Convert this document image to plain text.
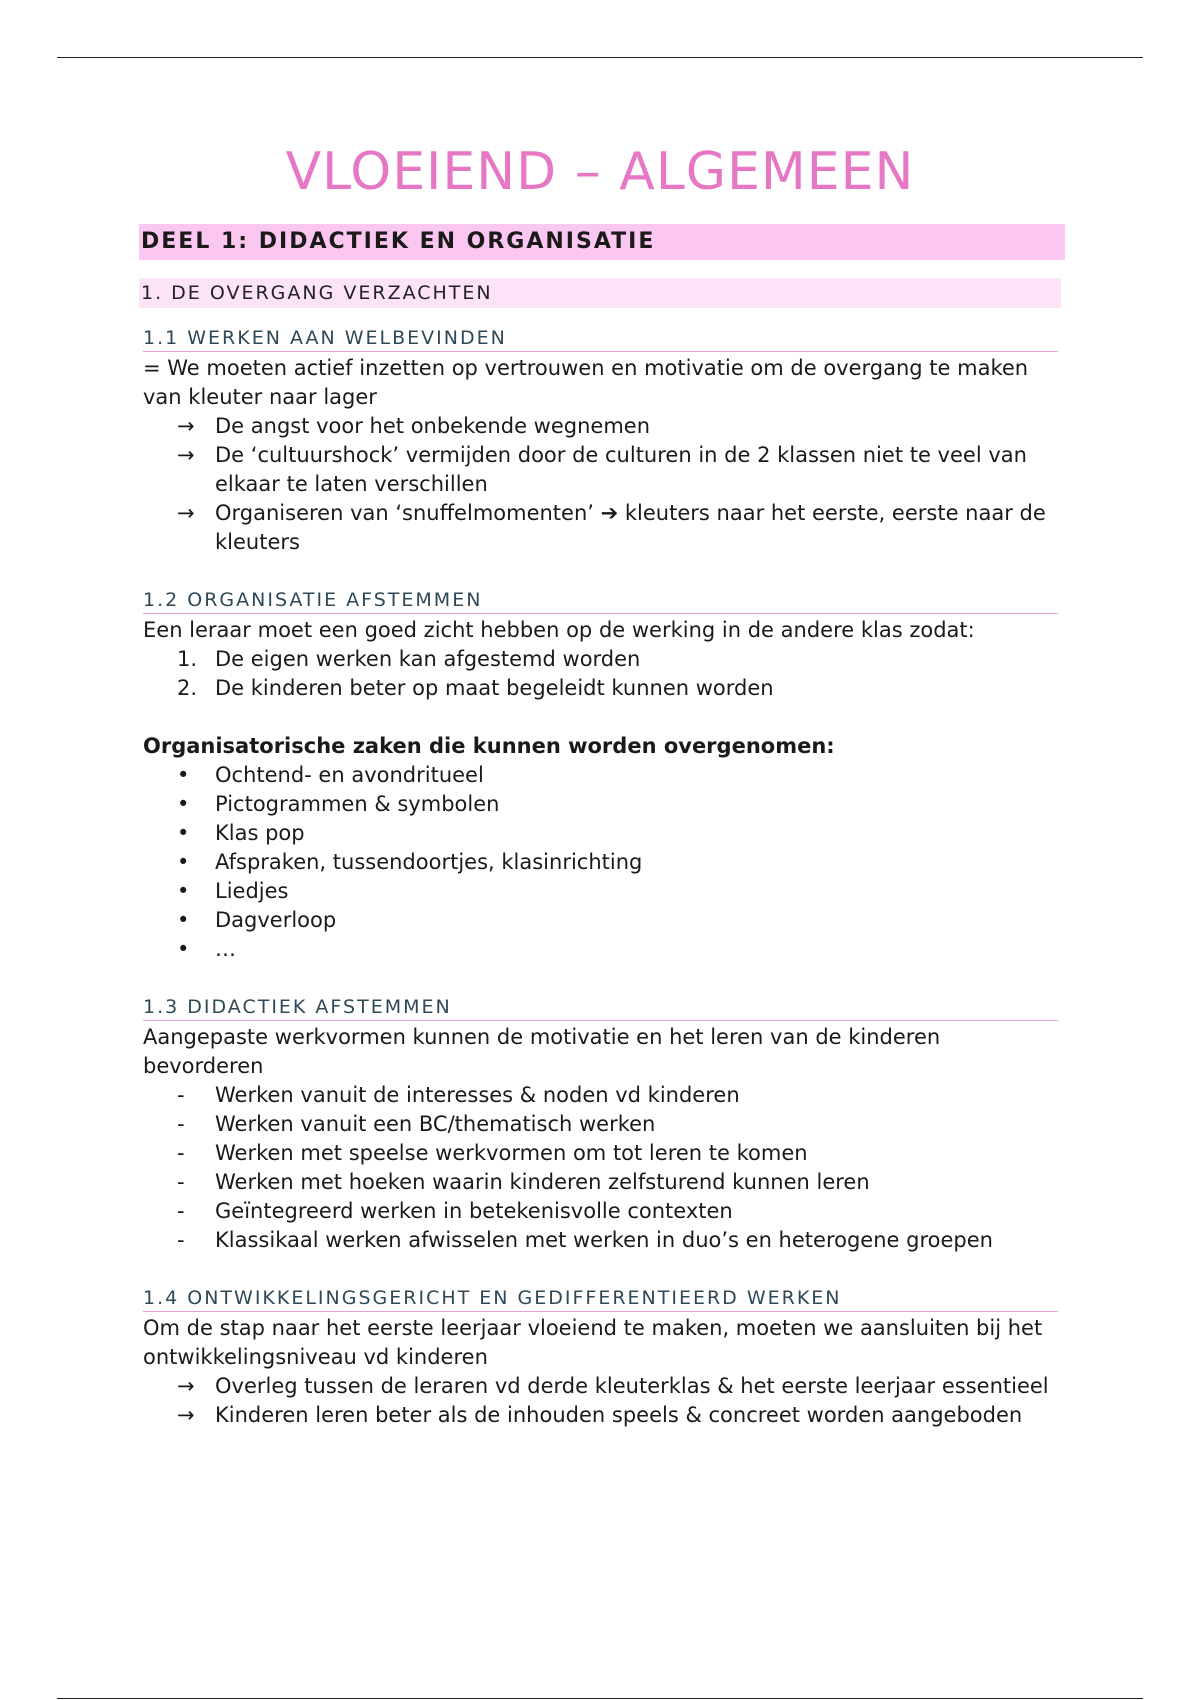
VLOEIEND – ALGEMEEN
DEEL 1: DIDACTIEK EN ORGANISATIE
1. DE OVERGANG VERZACHTEN
1.1 WERKEN AAN WELBEVINDEN

= We moeten actief inzetten op vertrouwen en motivatie om de overgang te maken van kleuter naar lager

→ De angst voor het onbekende wegnemen
→ De ‘cultuurshock’ vermijden door de culturen in de 2 klassen niet te veel van elkaar te laten verschillen
→ Organiseren van ‘snuffelmomenten’ ➔ kleuters naar het eerste, eerste naar de kleuters
1.2 ORGANISATIE AFSTEMMEN

Een leraar moet een goed zicht hebben op de werking in de andere klas zodat:

1. De eigen werken kan afgestemd worden
2. De kinderen beter op maat begeleidt kunnen worden

Organisatorische zaken die kunnen worden overgenomen:

•	Ochtend- en avondritueel
•	Pictogrammen & symbolen
•	Klas pop
•	Afspraken, tussendoortjes, klasinrichting
•	Liedjes
•	Dagverloop
•	…
1.3 DIDACTIEK AFSTEMMEN

Aangepaste werkvormen kunnen de motivatie en het leren van de kinderen bevorderen

-	Werken vanuit de interesses & noden vd kinderen
-	Werken vanuit een BC/thematisch werken
-	Werken met speelse werkvormen om tot leren te komen
-	Werken met hoeken waarin kinderen zelfsturend kunnen leren
-	Geïntegreerd werken in betekenisvolle contexten
-	Klassikaal werken afwisselen met werken in duo’s en heterogene groepen
1.4 ONTWIKKELINGSGERICHT EN GEDIFFERENTIEERD WERKEN

Om de stap naar het eerste leerjaar vloeiend te maken, moeten we aansluiten bij het ontwikkelingsniveau vd kinderen

→ Overleg tussen de leraren vd derde kleuterklas & het eerste leerjaar essentieel
→ Kinderen leren beter als de inhouden speels & concreet worden aangeboden
